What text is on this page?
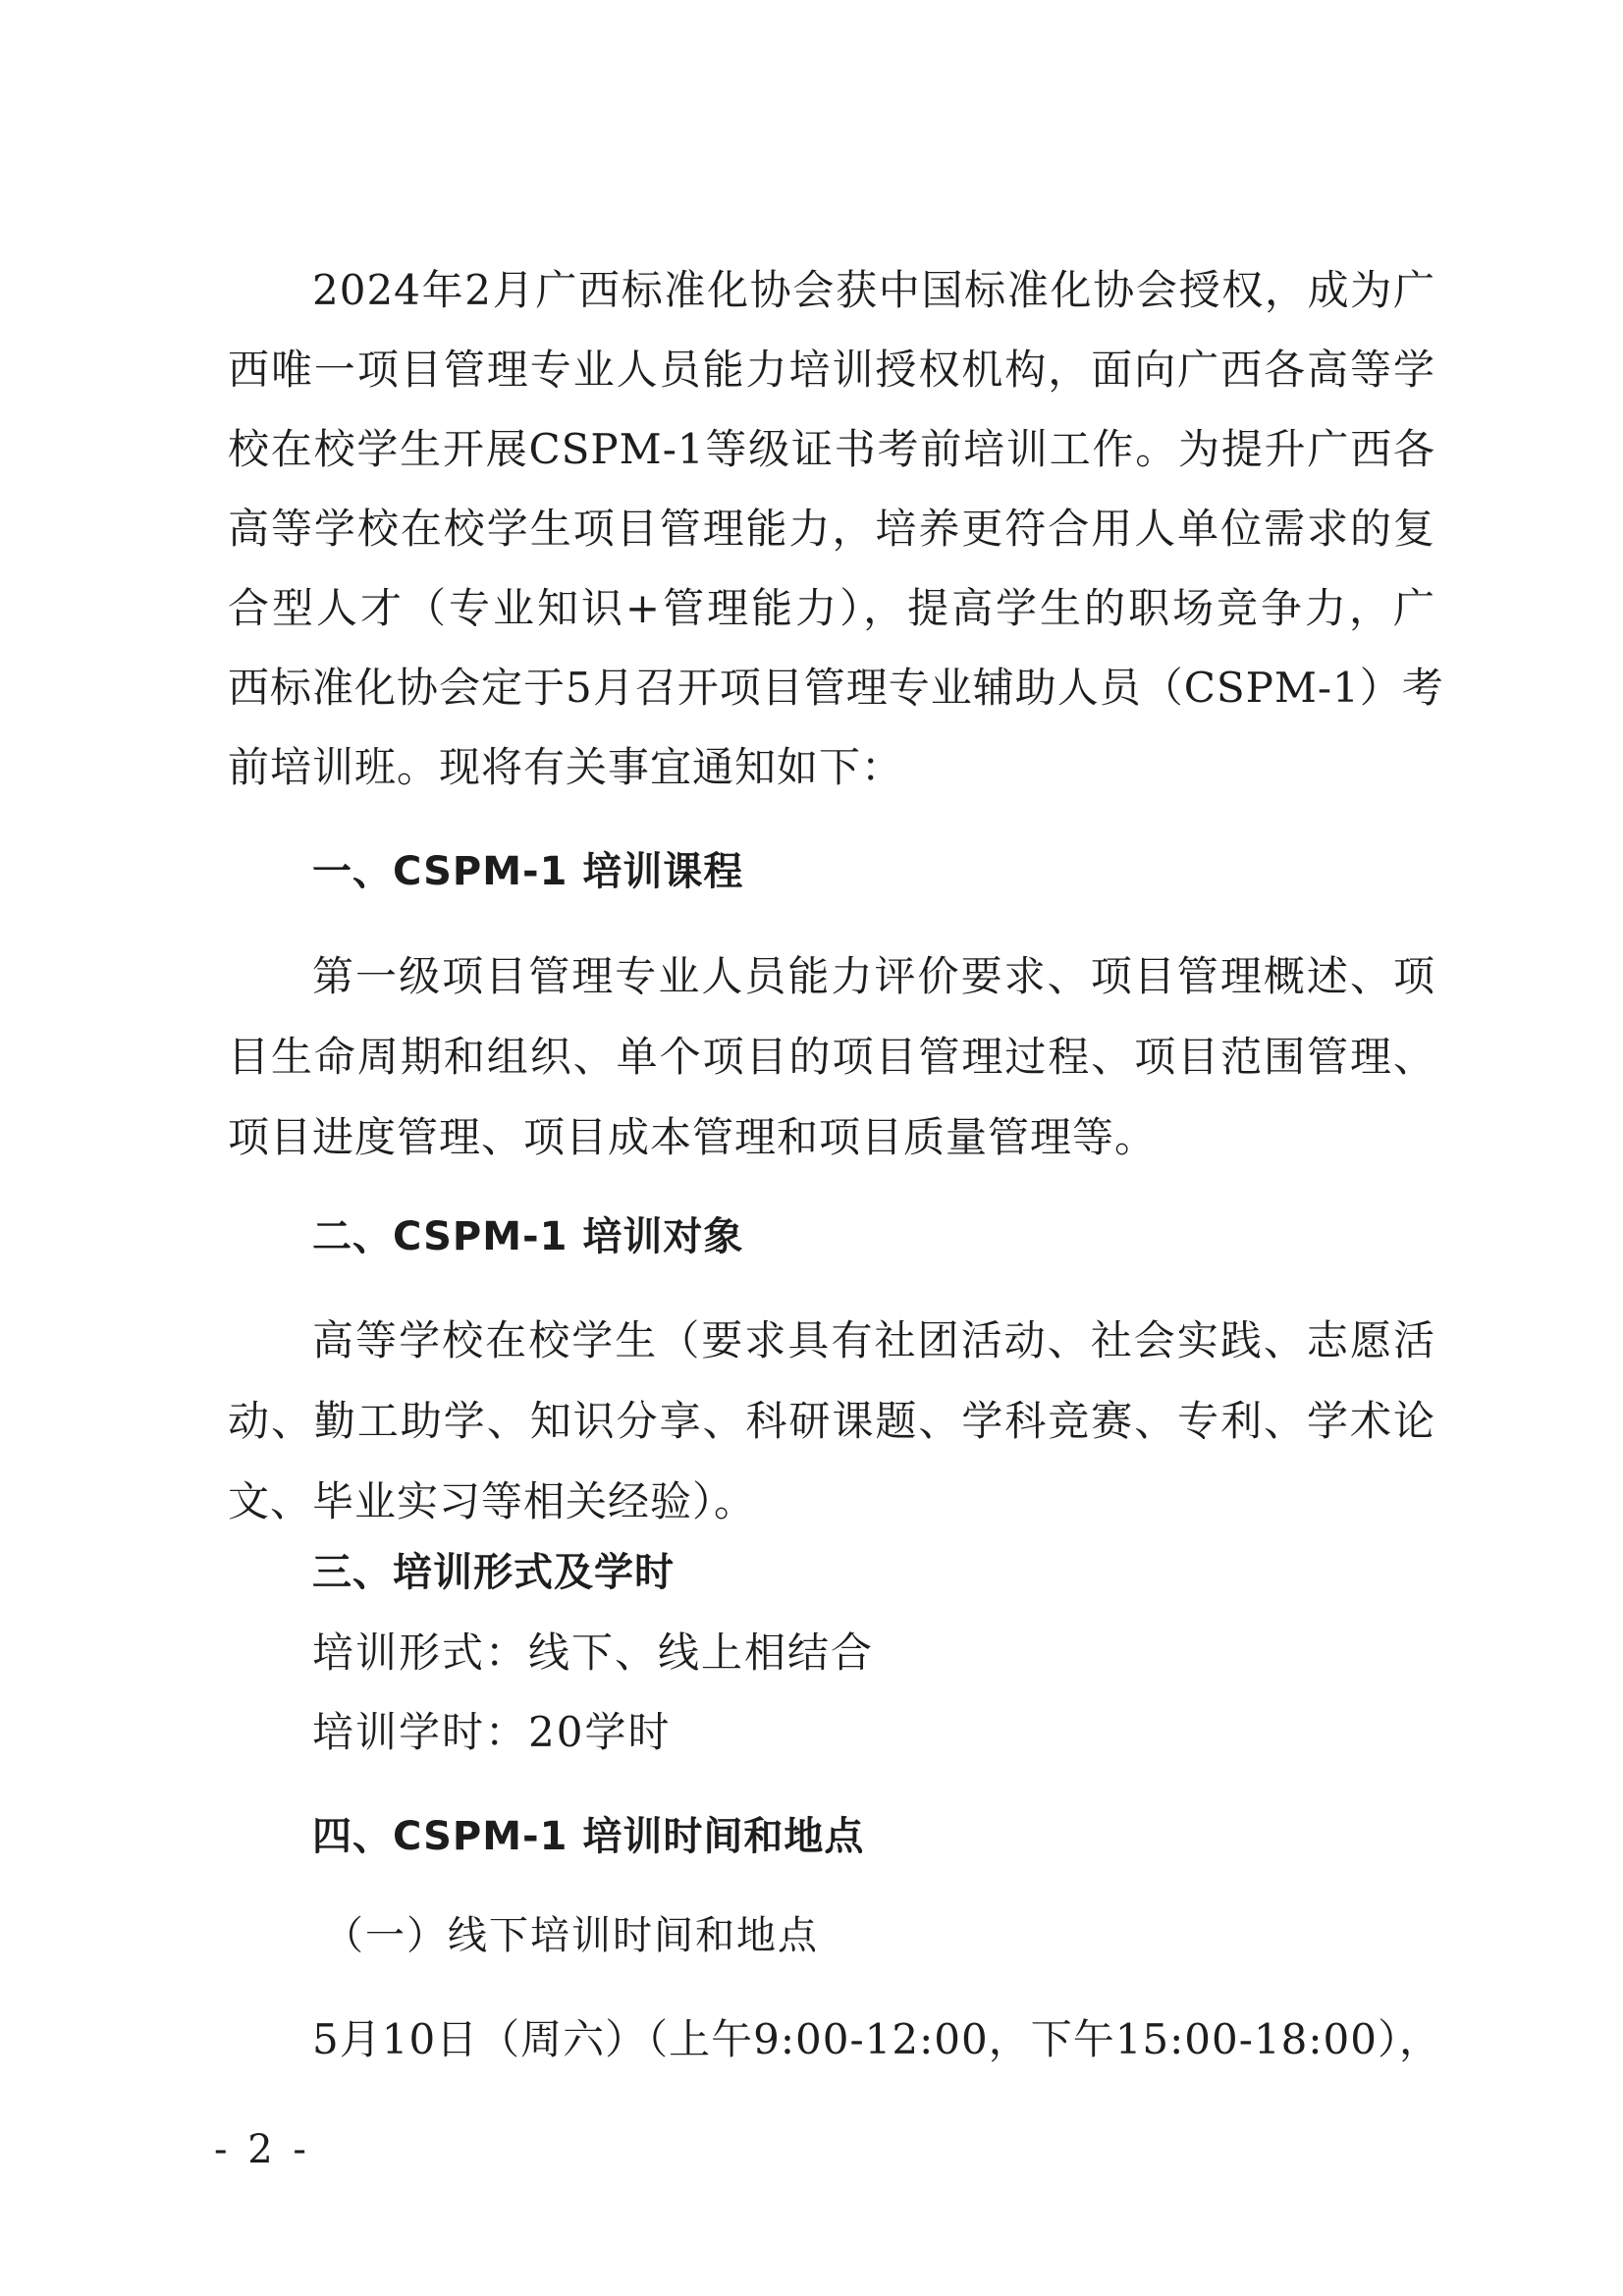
2024年2月广西标准化协会获中国标准化协会授权，成为广
西唯一项目管理专业人员能力培训授权机构，面向广西各高等学
校在校学生开展CSPM-1等级证书考前培训工作。为提升广西各
高等学校在校学生项目管理能力，培养更符合用人单位需求的复
合型人才（专业知识+管理能力），提高学生的职场竞争力，广
西标准化协会定于5月召开项目管理专业辅助人员（CSPM-1）考
前培训班。现将有关事宜通知如下：
一、CSPM-1 培训课程
第一级项目管理专业人员能力评价要求、项目管理概述、项
目生命周期和组织、单个项目的项目管理过程、项目范围管理、
项目进度管理、项目成本管理和项目质量管理等。
二、CSPM-1 培训对象
高等学校在校学生（要求具有社团活动、社会实践、志愿活
动、勤工助学、知识分享、科研课题、学科竞赛、专利、学术论
文、毕业实习等相关经验）。
三、培训形式及学时
培训形式：线下、线上相结合
培训学时：20学时
四、CSPM-1 培训时间和地点
（一）线下培训时间和地点
5月10日（周六）（上午9:00-12:00，下午15:00-18:00），
- 2 -
